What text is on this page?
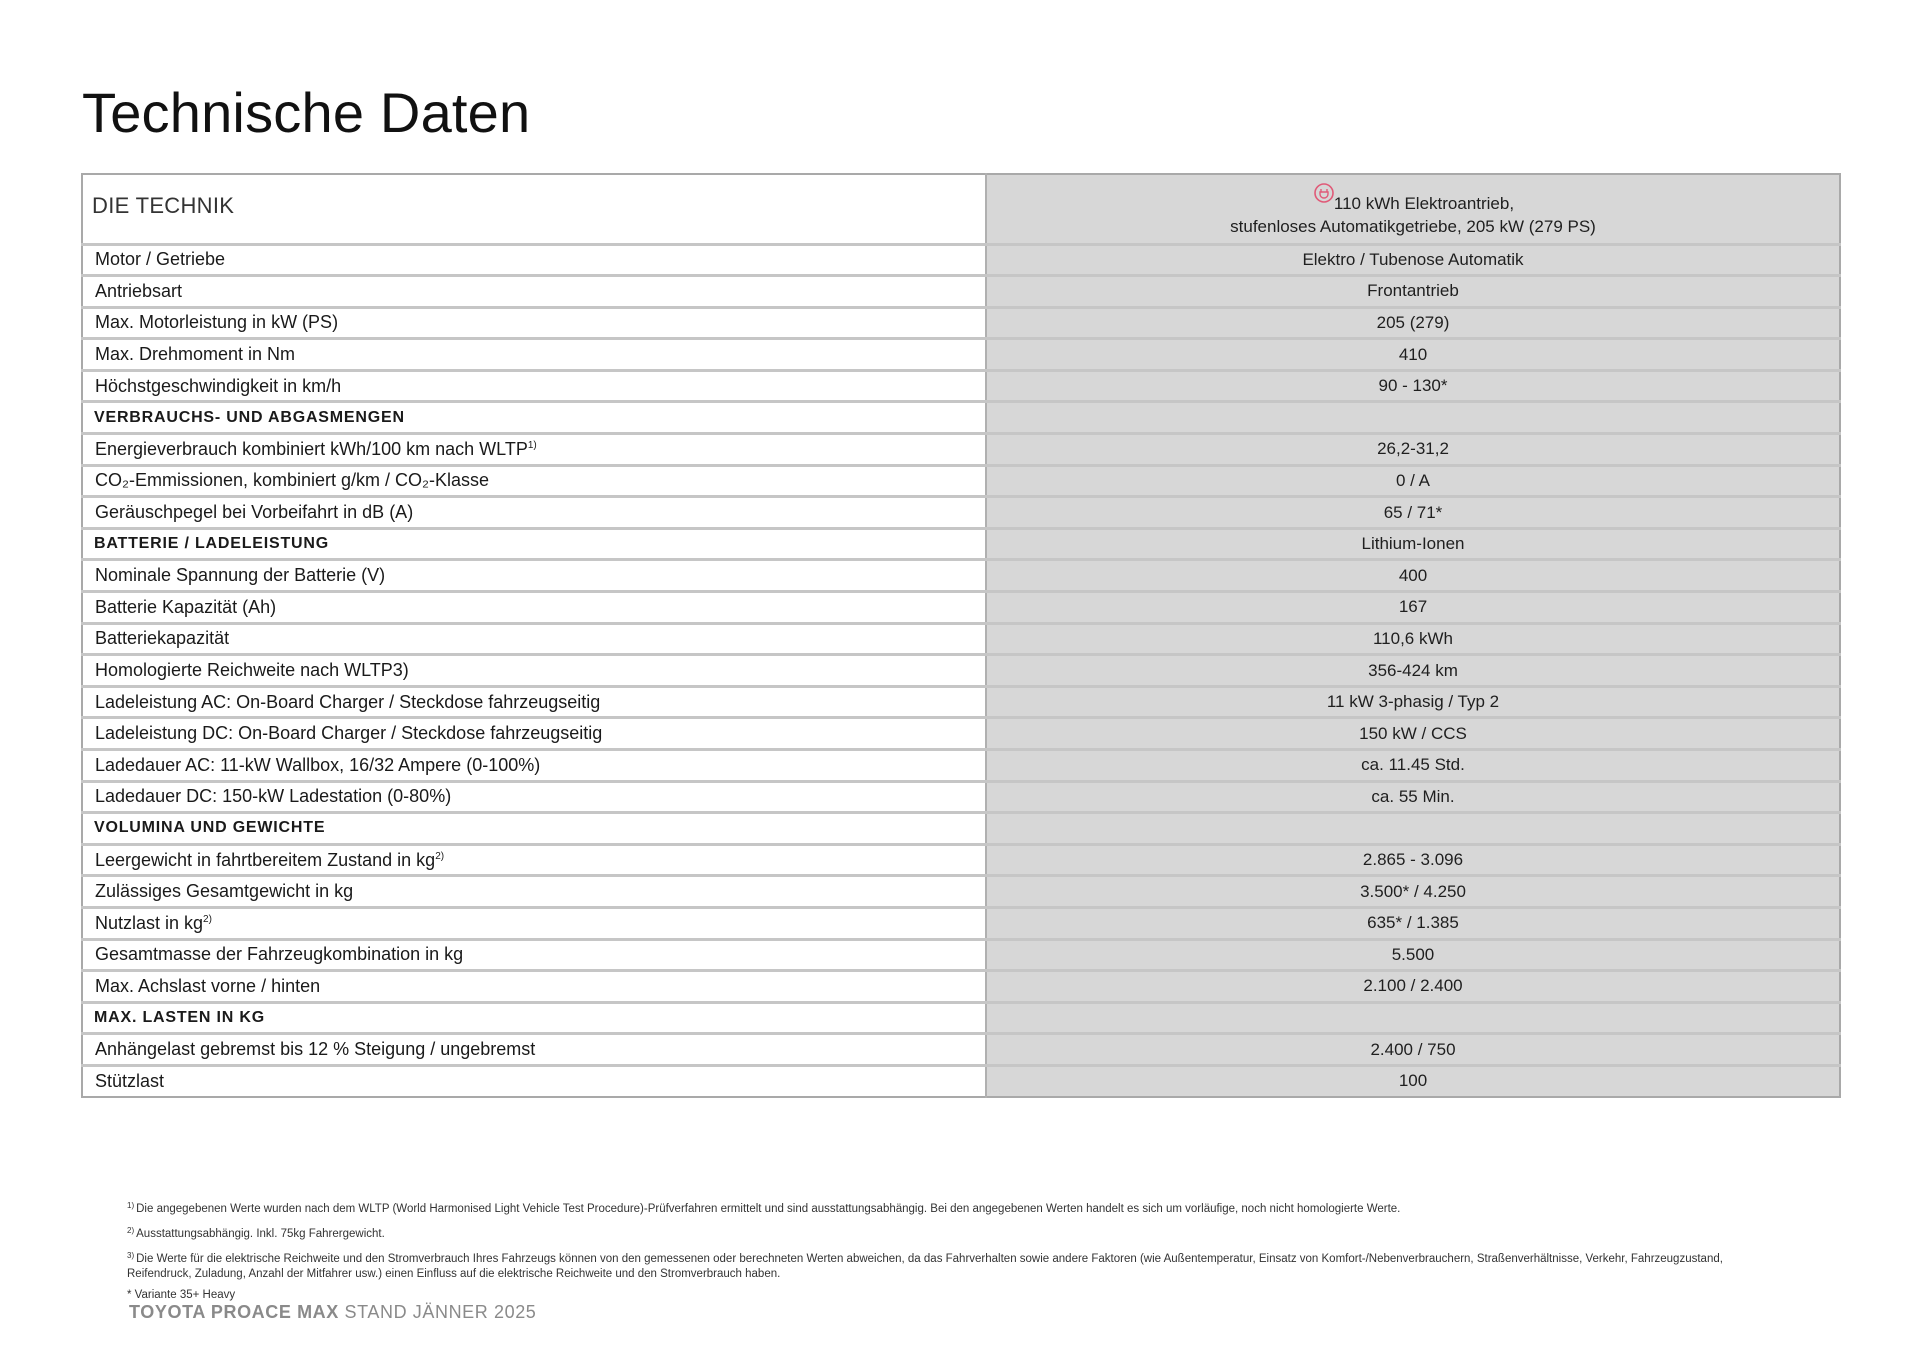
Technische Daten
DIE TECHNIK	110 kWh Elektroantrieb,
stufenloses Automatikgetriebe, 205 kW (279 PS)
Motor / Getriebe	Elektro / Tubenose Automatik
Antriebsart	Frontantrieb
Max. Motorleistung in kW (PS)	205 (279)
Max. Drehmoment in Nm	410
Höchstgeschwindigkeit in km/h	90 - 130*
VERBRAUCHS- UND ABGASMENGEN	
Energieverbrauch kombiniert kWh/100 km nach WLTP$^{1)}$	26,2-31,2
CO₂-Emmissionen, kombiniert g/km / CO₂-Klasse	0 / A
Geräuschpegel bei Vorbeifahrt in dB (A)	65 / 71*
BATTERIE / LADELEISTUNG	Lithium-Ionen
Nominale Spannung der Batterie (V)	400
Batterie Kapazität (Ah)	167
Batteriekapazität	110,6 kWh
Homologierte Reichweite nach WLTP3)	356-424 km
Ladeleistung AC: On-Board Charger / Steckdose fahrzeugseitig	11 kW 3-phasig / Typ 2
Ladeleistung DC: On-Board Charger / Steckdose fahrzeugseitig	150 kW / CCS
Ladedauer AC: 11-kW Wallbox, 16/32 Ampere (0-100%)	ca. 11.45 Std.
Ladedauer DC: 150-kW Ladestation (0-80%)	ca. 55 Min.
VOLUMINA UND GEWICHTE	
Leergewicht in fahrtbereitem Zustand in $kg^{2)}$	2.865 - 3.096
Zulässiges Gesamtgewicht in kg	3.500* / 4.250
Nutzlast in $kg^{2)}$	635* / 1.385
Gesamtmasse der Fahrzeugkombination in kg	5.500
Max. Achslast vorne / hinten	2.100 / 2.400
MAX. LASTEN IN KG	
Anhängelast gebremst bis 12 % Steigung / ungebremst	2.400 / 750
Stützlast	100

$^{1)}$ Die angegebenen Werte wurden nach dem WLTP (World Harmonised Light Vehicle Test Procedure)-Prüfverfahren ermittelt und sind ausstattungsabhängig. Bei den angegebenen Werten handelt es sich um vorläufige, noch nicht homologierte Werte.

$^{2)}$ Ausstattungsabhängig. Inkl. 75kg Fahrergewicht.

$^{3)}$ Die Werte für die elektrische Reichweite und den Stromverbrauch Ihres Fahrzeugs können von den gemessenen oder berechneten Werten abweichen, da das Fahrverhalten sowie andere Faktoren (wie Außentemperatur, Einsatz von Komfort-/Nebenverbrauchern, Straßenverhältnisse, Verkehr, Fahrzeugzustand, Reifendruck, Zuladung, Anzahl der Mitfahrer usw.) einen Einfluss auf die elektrische Reichweite und den Stromverbrauch haben.

* Variante 35+ Heavy

TOYOTA PROACE MAX STAND JÄNNER 2025
